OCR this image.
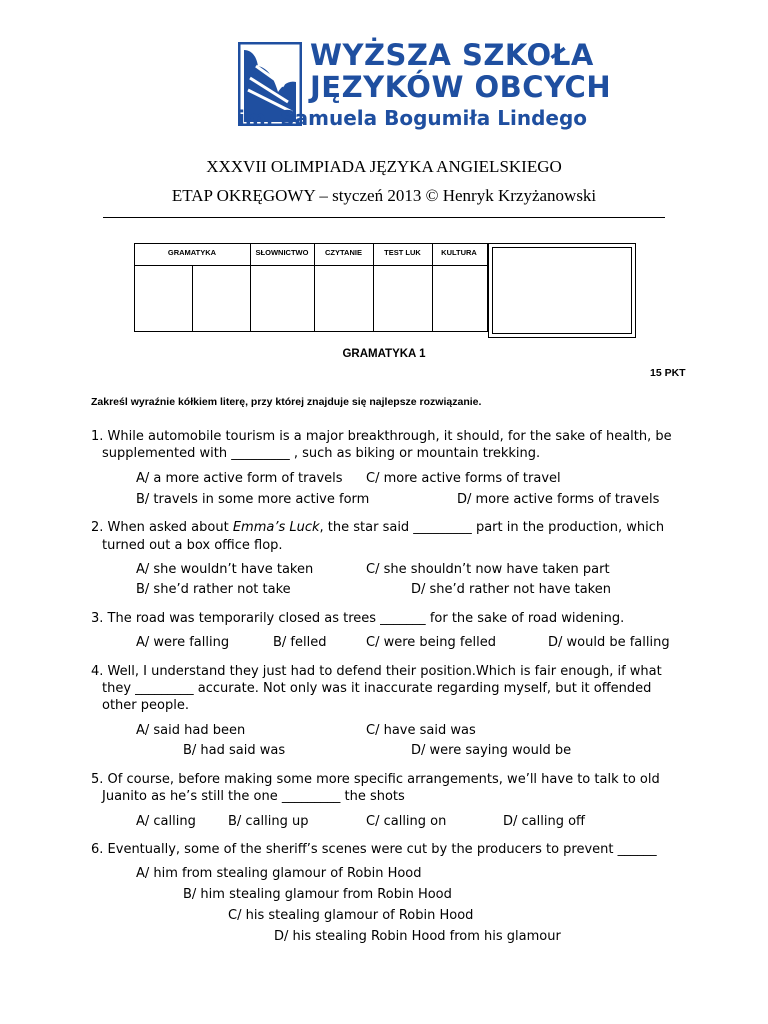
WYŻSZA SZKOŁA
JĘZYKÓW OBCYCH
im. Samuela Bogumiła Lindego
XXXVII OLIMPIADA JĘZYKA ANGIELSKIEGO
ETAP OKRĘGOWY – styczeń 2013 © Henryk Krzyżanowski
GRAMATYKA	SŁOWNICTWO	CZYTANIE	TEST LUK	KULTURA
GRAMATYKA 1
15 PKT
Zakreśl wyraźnie kółkiem literę, przy której znajduje się najlepsze rozwiązanie.
1. While automobile tourism is a major breakthrough, it should, for the sake of health, be
supplemented with _________ , such as biking or mountain trekking.
A/ a more active form of travels C/ more active forms of travel
B/ travels in some more active form	D/ more active forms of travels
2. When asked about Emma’s Luck, the star said _________ part in the production, which
turned out a box office flop.
A/ she wouldn’t have taken	C/ she shouldn’t now have taken part
B/ she’d rather not take	D/ she’d rather not have taken
3. The road was temporarily closed as trees _______ for the sake of road widening.
A/ were falling	B/ felled	C/ were being felled	D/ would be falling
4. Well, I understand they just had to defend their position.Which is fair enough, if what
they _________ accurate. Not only was it inaccurate regarding myself, but it offended
other people.
A/ said had been	C/ have said was
B/ had said was	D/ were saying would be
5. Of course, before making some more specific arrangements, we’ll have to talk to old
Juanito as he’s still the one _________ the shots
A/ calling B/ calling up	C/ calling on	D/ calling off
6. Eventually, some of the sheriff’s scenes were cut by the producers to prevent ______
A/ him from stealing glamour of Robin Hood
B/ him stealing glamour from Robin Hood
C/ his stealing glamour of Robin Hood
D/ his stealing Robin Hood from his glamour
